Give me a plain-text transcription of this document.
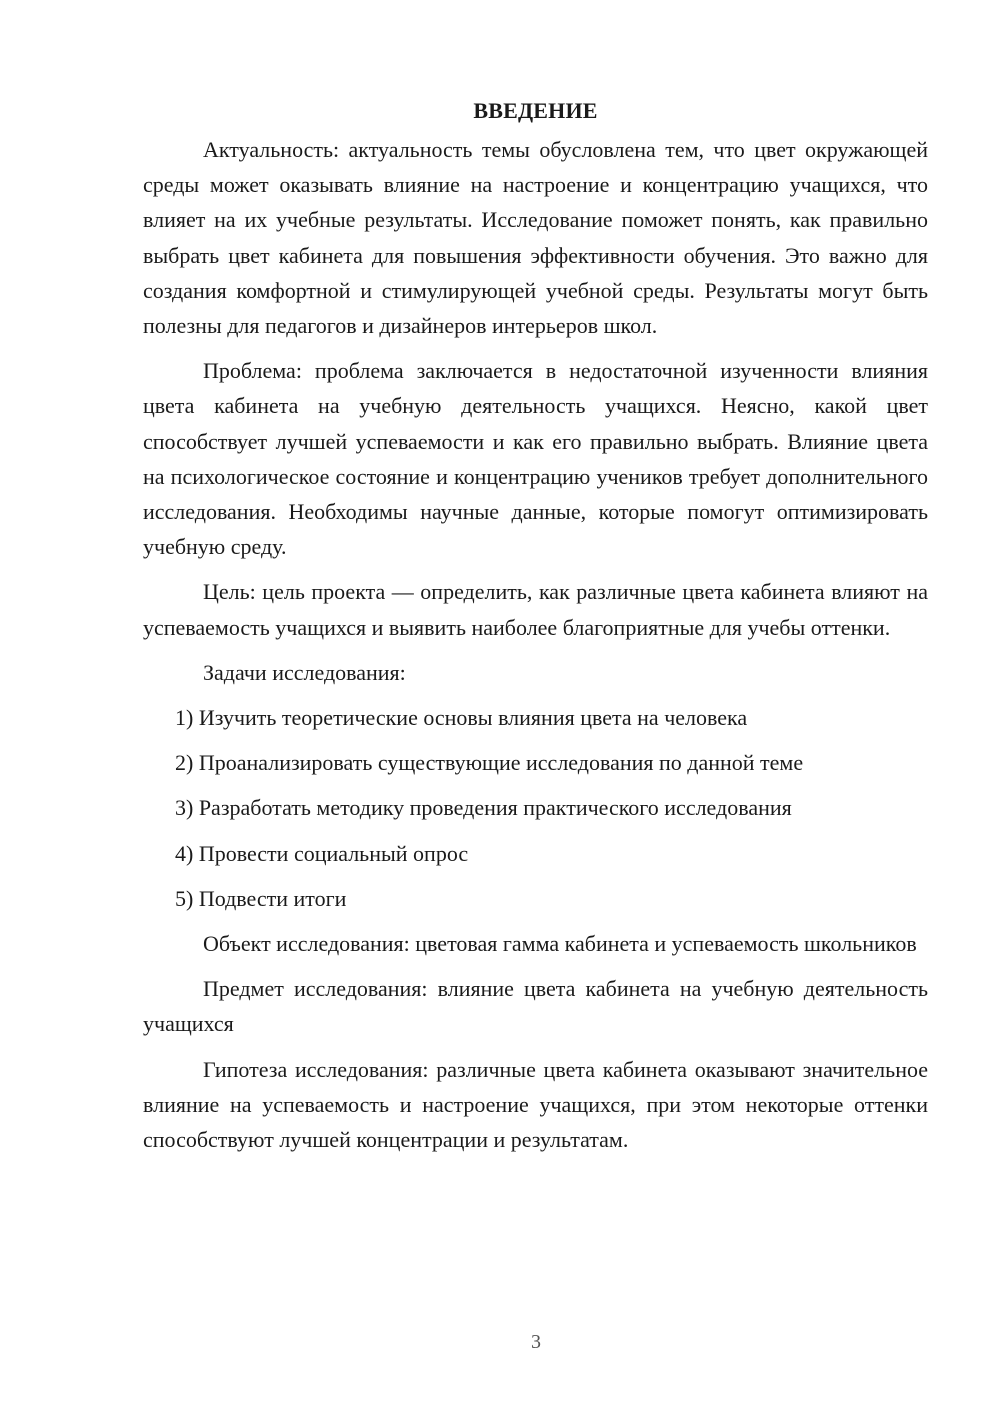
ВВЕДЕНИЕ

Актуальность: актуальность темы обусловлена тем, что цвет окружающей среды может оказывать влияние на настроение и концентрацию учащихся, что влияет на их учебные результаты. Исследование поможет понять, как правильно выбрать цвет кабинета для повышения эффективности обучения. Это важно для создания комфортной и стимулирующей учебной среды. Результаты могут быть полезны для педагогов и дизайнеров интерьеров школ.

Проблема: проблема заключается в недостаточной изученности влияния цвета кабинета на учебную деятельность учащихся. Неясно, какой цвет способствует лучшей успеваемости и как его правильно выбрать. Влияние цвета на психологическое состояние и концентрацию учеников требует дополнительного исследования. Необходимы научные данные, которые помогут оптимизировать учебную среду.

Цель: цель проекта — определить, как различные цвета кабинета влияют на успеваемость учащихся и выявить наиболее благоприятные для учебы оттенки.

Задачи исследования:

1) Изучить теоретические основы влияния цвета на человека
2) Проанализировать существующие исследования по данной теме
3) Разработать методику проведения практического исследования
4) Провести социальный опрос
5) Подвести итоги

Объект исследования: цветовая гамма кабинета и успеваемость школьников

Предмет исследования: влияние цвета кабинета на учебную деятельность учащихся

Гипотеза исследования: различные цвета кабинета оказывают значительное влияние на успеваемость и настроение учащихся, при этом некоторые оттенки способствуют лучшей концентрации и результатам.

3
